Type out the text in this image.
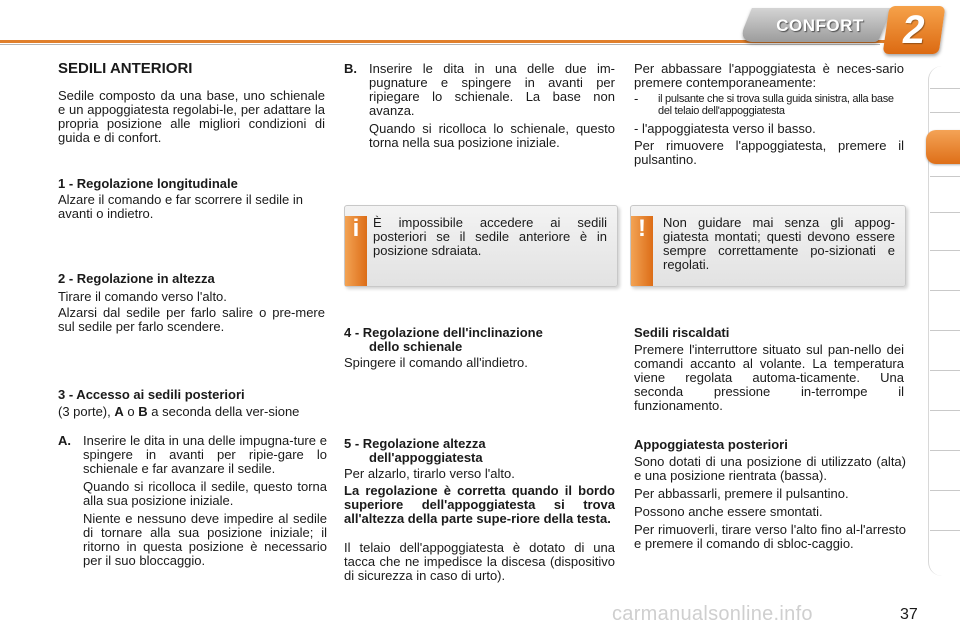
CONFORT 2

SEDILI ANTERIORI

Sedile composto da una base, uno schienale e un appoggiatesta regolabi-le, per adattare la propria posizione alle migliori condizioni di guida e di confort.
1 - Regolazione longitudinale
Alzare il comando e far scorrere il sedile in avanti o indietro.
2 - Regolazione in altezza
Tirare il comando verso l'alto.
Alzarsi dal sedile per farlo salire o pre-mere sul sedile per farlo scendere.
3 - Accesso ai sedili posteriori
(3 porte), A o B a seconda della ver-sione
A. Inserire le dita in una delle impugna-ture e spingere in avanti per ripie-gare lo schienale e far avanzare il sedile.

Quando si ricolloca il sedile, questo torna alla sua posizione iniziale.

Niente e nessuno deve impedire al sedile di tornare alla sua posizione iniziale; il ritorno in questa posizione è necessario per il suo bloccaggio.

B. Inserire le dita in una delle due im-pugnature e spingere in avanti per ripiegare lo schienale. La base non avanza.

Quando si ricolloca lo schienale, questo torna nella sua posizione iniziale.

i	È impossibile accedere ai sedili posteriori se il sedile anteriore è in posizione sdraiata.
4 - Regolazione dell'inclinazione
dello schienale
Spingere il comando all'indietro.
5 - Regolazione altezza
dell'appoggiatesta
Per alzarlo, tirarlo verso l'alto.
La regolazione è corretta quando il bordo superiore dell'appoggiatesta si trova all'altezza della parte supe-riore della testa.
Il telaio dell'appoggiatesta è dotato di una tacca che ne impedisce la discesa (dispositivo di sicurezza in caso di urto).
Per abbassare l'appoggiatesta è neces-sario premere contemporaneamente:
-	il pulsante che si trova sulla guida sinistra, alla base del telaio dell'appoggiatesta
- l'appoggiatesta verso il basso.
Per rimuovere l'appoggiatesta, premere il pulsantino.
!	Non guidare mai senza gli appog-giatesta montati; questi devono essere sempre correttamente po-sizionati e regolati.
Sedili riscaldati
Premere l'interruttore situato sul pan-nello dei comandi accanto al volante. La temperatura viene regolata automa-ticamente. Una seconda pressione in-terrompe il funzionamento.
Appoggiatesta posteriori

Sono dotati di una posizione di utilizzato (alta) e una posizione rientrata (bassa).

Per abbassarli, premere il pulsantino.

Possono anche essere smontati.

Per rimuoverli, tirare verso l'alto fino al-l'arresto e premere il comando di sbloc-caggio.

carmanualsonline.info	37
